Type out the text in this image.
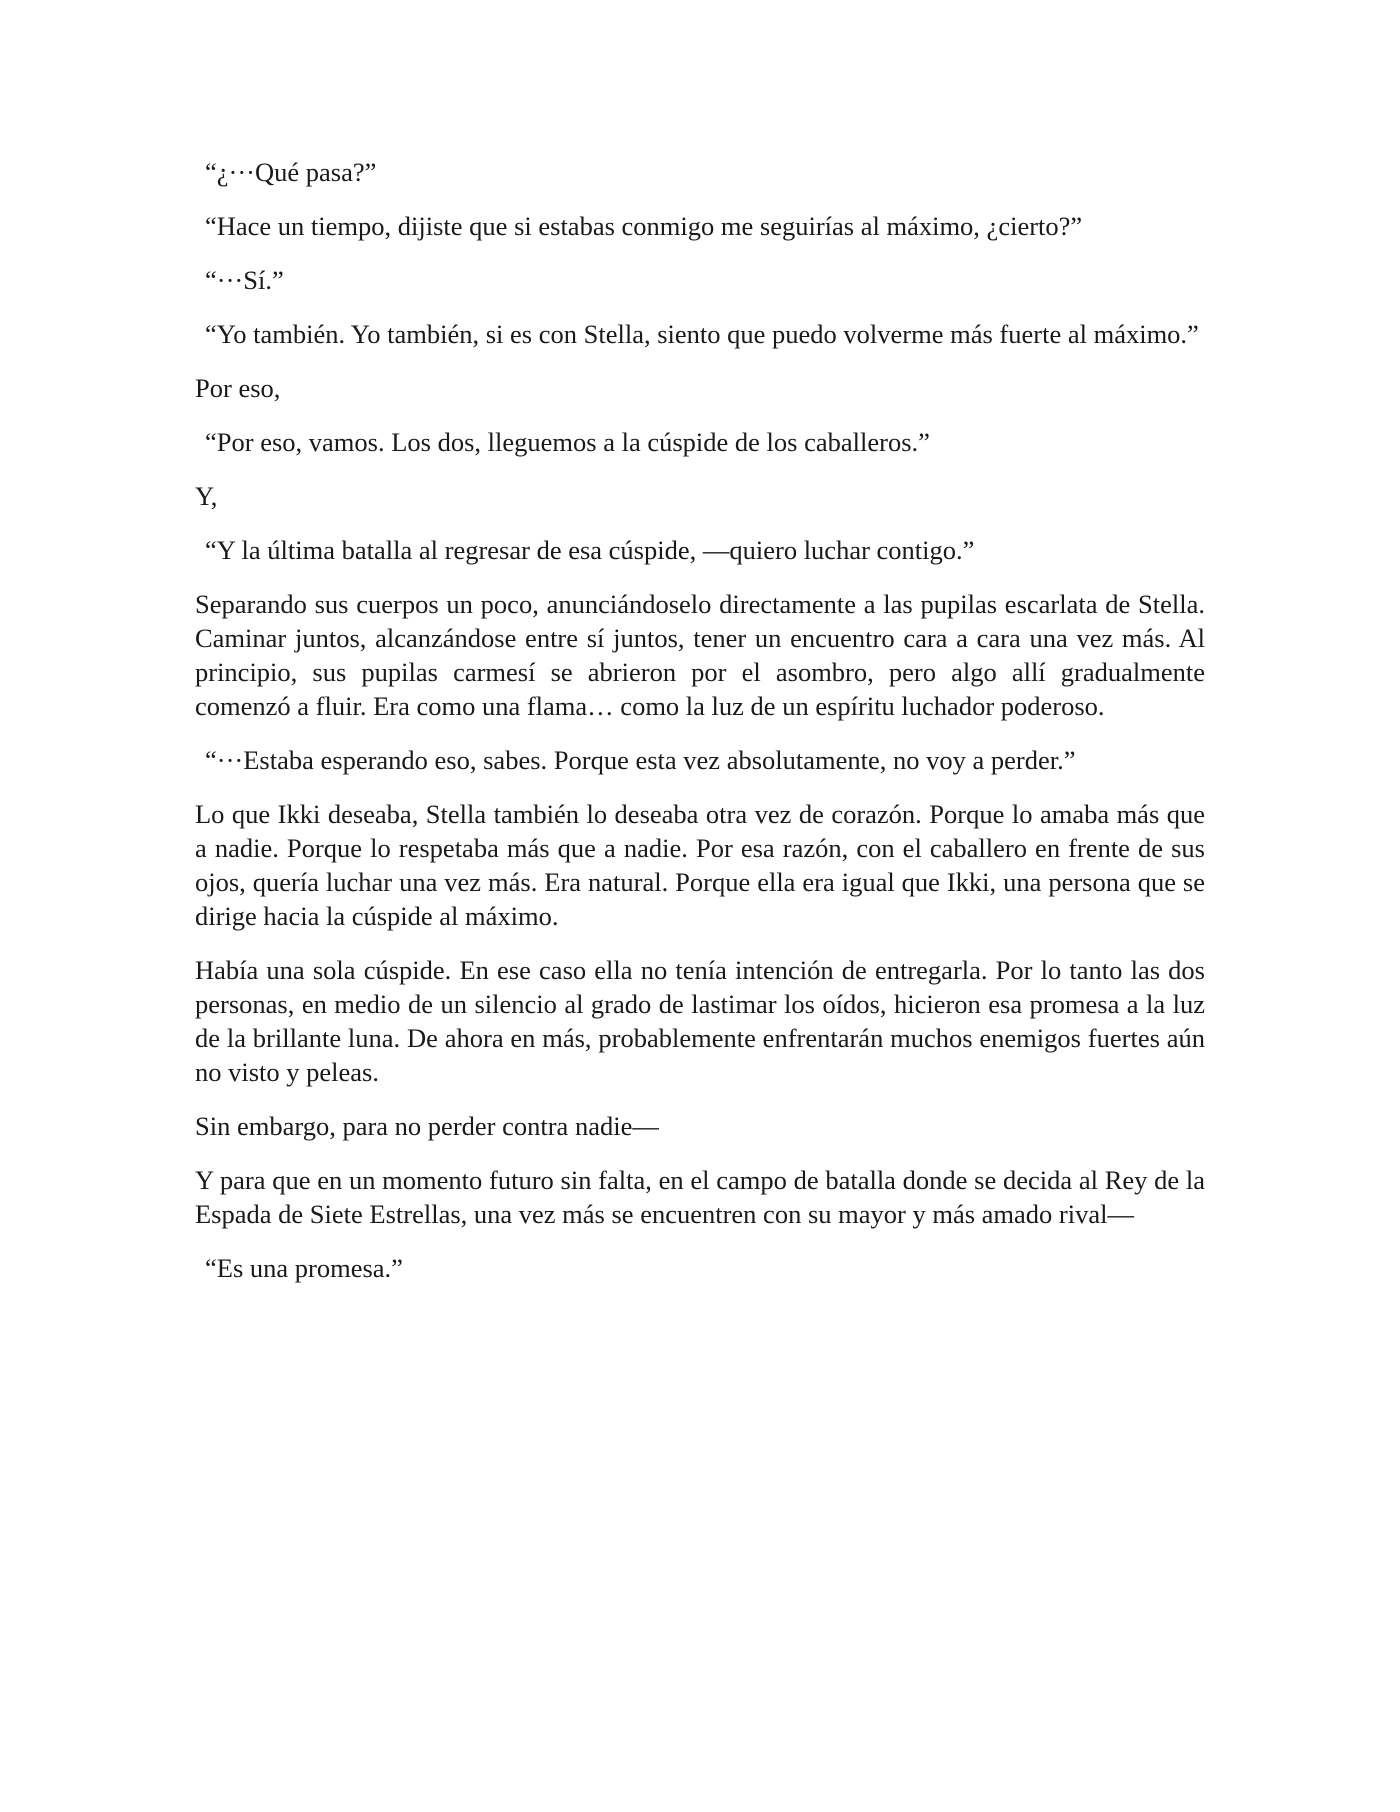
“¿···Qué pasa?”

“Hace un tiempo, dijiste que si estabas conmigo me seguirías al máximo, ¿cierto?”

“···Sí.”

“Yo también. Yo también, si es con Stella, siento que puedo volverme más fuerte al máximo.”

Por eso,

“Por eso, vamos. Los dos, lleguemos a la cúspide de los caballeros.”

Y,

“Y la última batalla al regresar de esa cúspide, —quiero luchar contigo.”

Separando sus cuerpos un poco, anunciándoselo directamente a las pupilas escarlata de Stella. Caminar juntos, alcanzándose entre sí juntos, tener un encuentro cara a cara una vez más. Al principio, sus pupilas carmesí se abrieron por el asombro, pero algo allí gradualmente comenzó a fluir. Era como una flama… como la luz de un espíritu luchador poderoso.

“···Estaba esperando eso, sabes. Porque esta vez absolutamente, no voy a perder.”

Lo que Ikki deseaba, Stella también lo deseaba otra vez de corazón. Porque lo amaba más que a nadie. Porque lo respetaba más que a nadie. Por esa razón, con el caballero en frente de sus ojos, quería luchar una vez más. Era natural. Porque ella era igual que Ikki, una persona que se dirige hacia la cúspide al máximo.

Había una sola cúspide. En ese caso ella no tenía intención de entregarla. Por lo tanto las dos personas, en medio de un silencio al grado de lastimar los oídos, hicieron esa promesa a la luz de la brillante luna. De ahora en más, probablemente enfrentarán muchos enemigos fuertes aún no visto y peleas.

Sin embargo, para no perder contra nadie—

Y para que en un momento futuro sin falta, en el campo de batalla donde se decida al Rey de la Espada de Siete Estrellas, una vez más se encuentren con su mayor y más amado rival—

“Es una promesa.”
